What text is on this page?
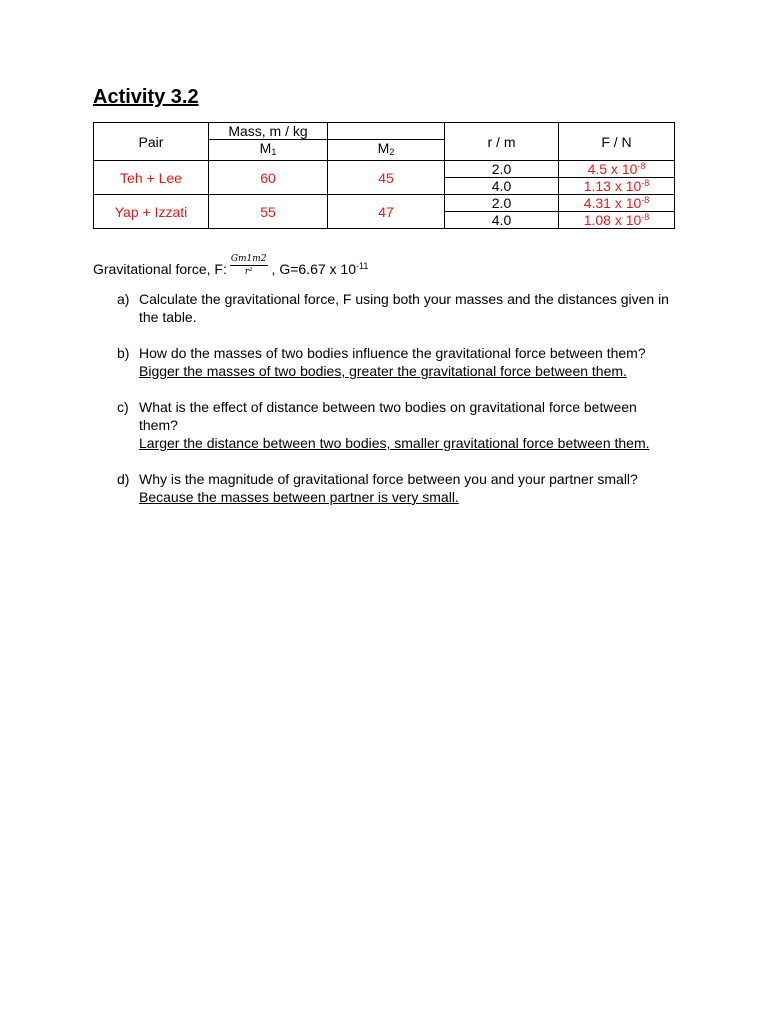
Activity 3.2
Pair	Mass, m / kg		r / m	F / N
	$M_1$	$M_2$
Teh + Lee	60	45	2.0	4.5 x $10^{-8}$
			4.0	1.13 x $10^{-8}$
Yap + Izzati	55	47	2.0	4.31 x $10^{-8}$
			4.0	1.08 x $10^{-8}$
Gravitational force, F: $\frac{Gm1m2}{\text{r²}}$ , G=6.67 x $10^{-11}$
a) Calculate the gravitational force, F using both your masses and the distances given in the table.
b) How do the masses of two bodies influence the gravitational force between them?
Bigger the masses of two bodies, greater the gravitational force between them.
c) What is the effect of distance between two bodies on gravitational force between them?
Larger the distance between two bodies, smaller gravitational force between them.
d) Why is the magnitude of gravitational force between you and your partner small?
Because the masses between partner is very small.
